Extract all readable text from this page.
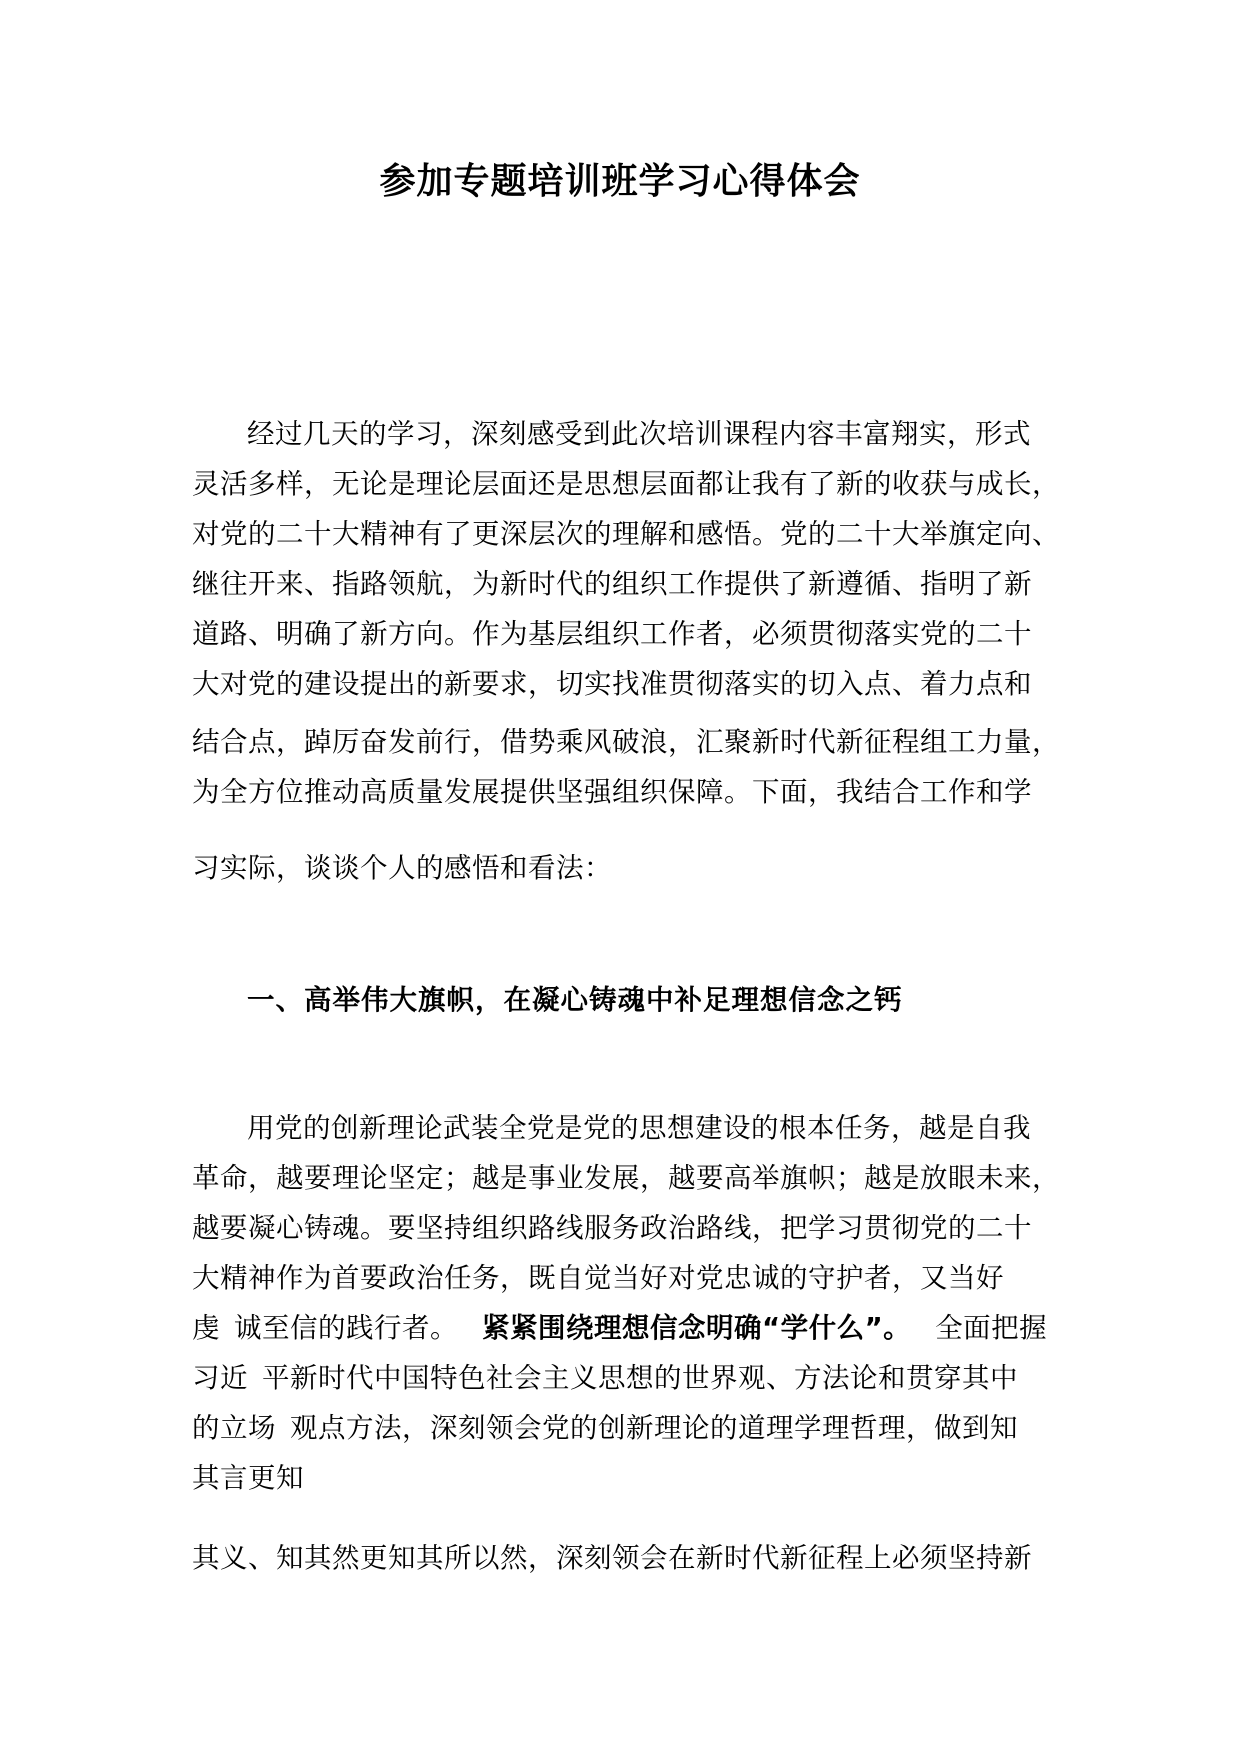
参加专题培训班学习心得体会
经过几天的学习，深刻感受到此次培训课程内容丰富翔实，形式
灵活多样，无论是理论层面还是思想层面都让我有了新的收获与成长，
对党的二十大精神有了更深层次的理解和感悟。党的二十大举旗定向、
继往开来、指路领航，为新时代的组织工作提供了新遵循、指明了新
道路、明确了新方向。作为基层组织工作者，必须贯彻落实党的二十
大对党的建设提出的新要求，切实找准贯彻落实的切入点、着力点和
结合点，踔厉奋发前行，借势乘风破浪，汇聚新时代新征程组工力量，
为全方位推动高质量发展提供坚强组织保障。下面，我结合工作和学
习实际，谈谈个人的感悟和看法：
一、高举伟大旗帜，在凝心铸魂中补足理想信念之钙
用党的创新理论武装全党是党的思想建设的根本任务，越是自我
革命，越要理论坚定；越是事业发展，越要高举旗帜；越是放眼未来，
越要凝心铸魂。要坚持组织路线服务政治路线，把学习贯彻党的二十
大精神作为首要政治任务，既自觉当好对党忠诚的守护者，又当好
虔 诚至信的践行者。 紧紧围绕理想信念明确“学什么”。 全面把握
习近 平新时代中国特色社会主义思想的世界观、方法论和贯穿其中
的立场 观点方法，深刻领会党的创新理论的道理学理哲理，做到知
其言更知
其义、知其然更知其所以然，深刻领会在新时代新征程上必须坚持新
